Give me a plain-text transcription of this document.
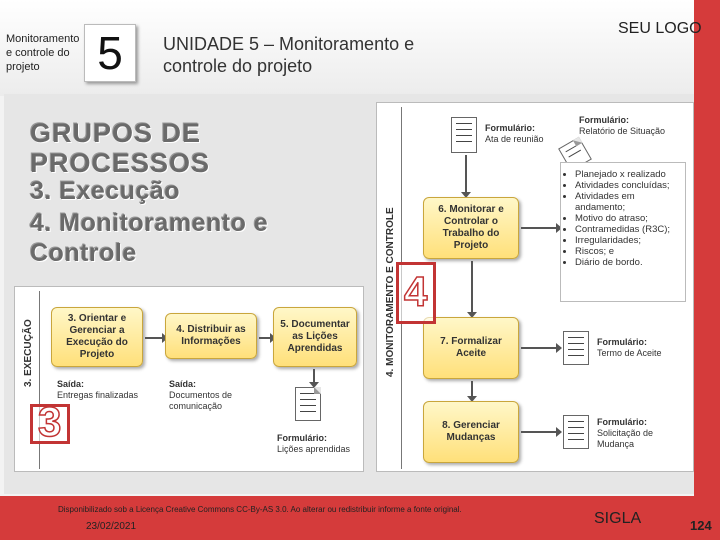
Monitoramento e controle do projeto	5	UNIDADE 5 – Monitoramento e controle do projeto
SEU LOGO
GRUPOS DE PROCESSOS
3. Execução
4. Monitoramento e Controle
3. EXECUÇÃO
3. Orientar e Gerenciar a Execução do Projeto
4. Distribuir as Informações
5. Documentar as Lições Aprendidas
Saída:
Entregas finalizadas
Saída:
Documentos de comunicação
Formulário:
Lições aprendidas
3
4. MONITORAMENTO E CONTROLE
Formulário:
Ata de reunião
Formulário:
Relatório de Situação
6. Monitorar e Controlar o Trabalho do Projeto
7. Formalizar Aceite
Formulário:
Termo de Aceite
8. Gerenciar Mudanças
Formulário:
Solicitação de Mudança
• Planejado x realizado
• Atividades concluídas;
• Atividades em andamento;
• Motivo do atraso;
• Contramedidas (R3C);
• Irregularidades;
• Riscos; e
• Diário de bordo.
4
Disponibilizado sob a Licença Creative Commons CC-By-AS 3.0. Ao alterar ou redistribuir informe a fonte original.
23/02/2021	SIGLA	124
